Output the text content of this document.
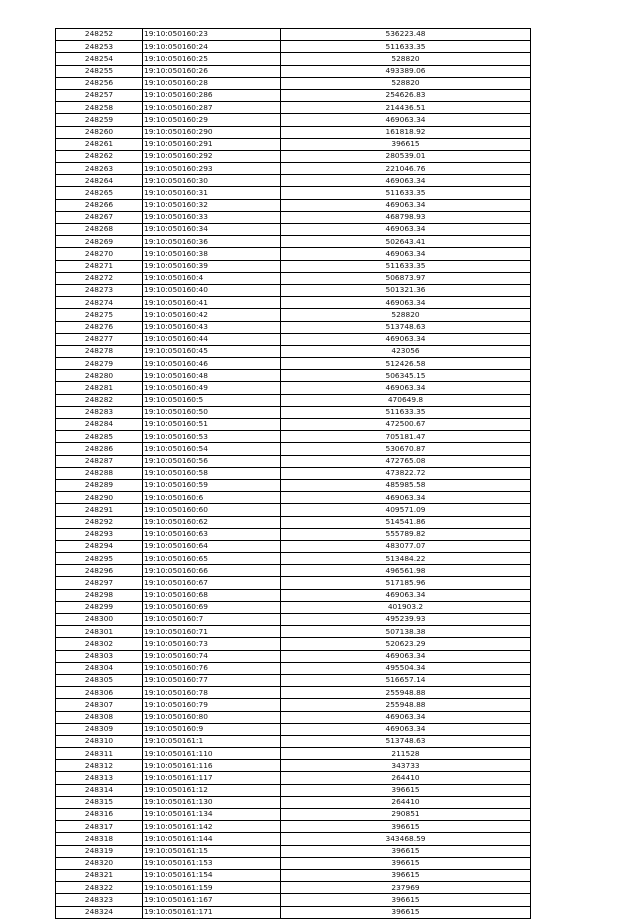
248252	19:10:050160:23	536223.48
248253	19:10:050160:24	511633.35
248254	19:10:050160:25	528820
248255	19:10:050160:26	493389.06
248256	19:10:050160:28	528820
248257	19:10:050160:286	254626.83
248258	19:10:050160:287	214436.51
248259	19:10:050160:29	469063.34
248260	19:10:050160:290	161818.92
248261	19:10:050160:291	396615
248262	19:10:050160:292	280539.01
248263	19:10:050160:293	221046.76
248264	19:10:050160:30	469063.34
248265	19:10:050160:31	511633.35
248266	19:10:050160:32	469063.34
248267	19:10:050160:33	468798.93
248268	19:10:050160:34	469063.34
248269	19:10:050160:36	502643.41
248270	19:10:050160:38	469063.34
248271	19:10:050160:39	511633.35
248272	19:10:050160:4	506873.97
248273	19:10:050160:40	501321.36
248274	19:10:050160:41	469063.34
248275	19:10:050160:42	528820
248276	19:10:050160:43	513748.63
248277	19:10:050160:44	469063.34
248278	19:10:050160:45	423056
248279	19:10:050160:46	512426.58
248280	19:10:050160:48	506345.15
248281	19:10:050160:49	469063.34
248282	19:10:050160:5	470649.8
248283	19:10:050160:50	511633.35
248284	19:10:050160:51	472500.67
248285	19:10:050160:53	705181.47
248286	19:10:050160:54	530670.87
248287	19:10:050160:56	472765.08
248288	19:10:050160:58	473822.72
248289	19:10:050160:59	485985.58
248290	19:10:050160:6	469063.34
248291	19:10:050160:60	409571.09
248292	19:10:050160:62	514541.86
248293	19:10:050160:63	555789.82
248294	19:10:050160:64	483077.07
248295	19:10:050160:65	513484.22
248296	19:10:050160:66	496561.98
248297	19:10:050160:67	517185.96
248298	19:10:050160:68	469063.34
248299	19:10:050160:69	401903.2
248300	19:10:050160:7	495239.93
248301	19:10:050160:71	507138.38
248302	19:10:050160:73	520623.29
248303	19:10:050160:74	469063.34
248304	19:10:050160:76	495504.34
248305	19:10:050160:77	516657.14
248306	19:10:050160:78	255948.88
248307	19:10:050160:79	255948.88
248308	19:10:050160:80	469063.34
248309	19:10:050160:9	469063.34
248310	19:10:050161:1	513748.63
248311	19:10:050161:110	211528
248312	19:10:050161:116	343733
248313	19:10:050161:117	264410
248314	19:10:050161:12	396615
248315	19:10:050161:130	264410
248316	19:10:050161:134	290851
248317	19:10:050161:142	396615
248318	19:10:050161:144	343468.59
248319	19:10:050161:15	396615
248320	19:10:050161:153	396615
248321	19:10:050161:154	396615
248322	19:10:050161:159	237969
248323	19:10:050161:167	396615
248324	19:10:050161:171	396615
